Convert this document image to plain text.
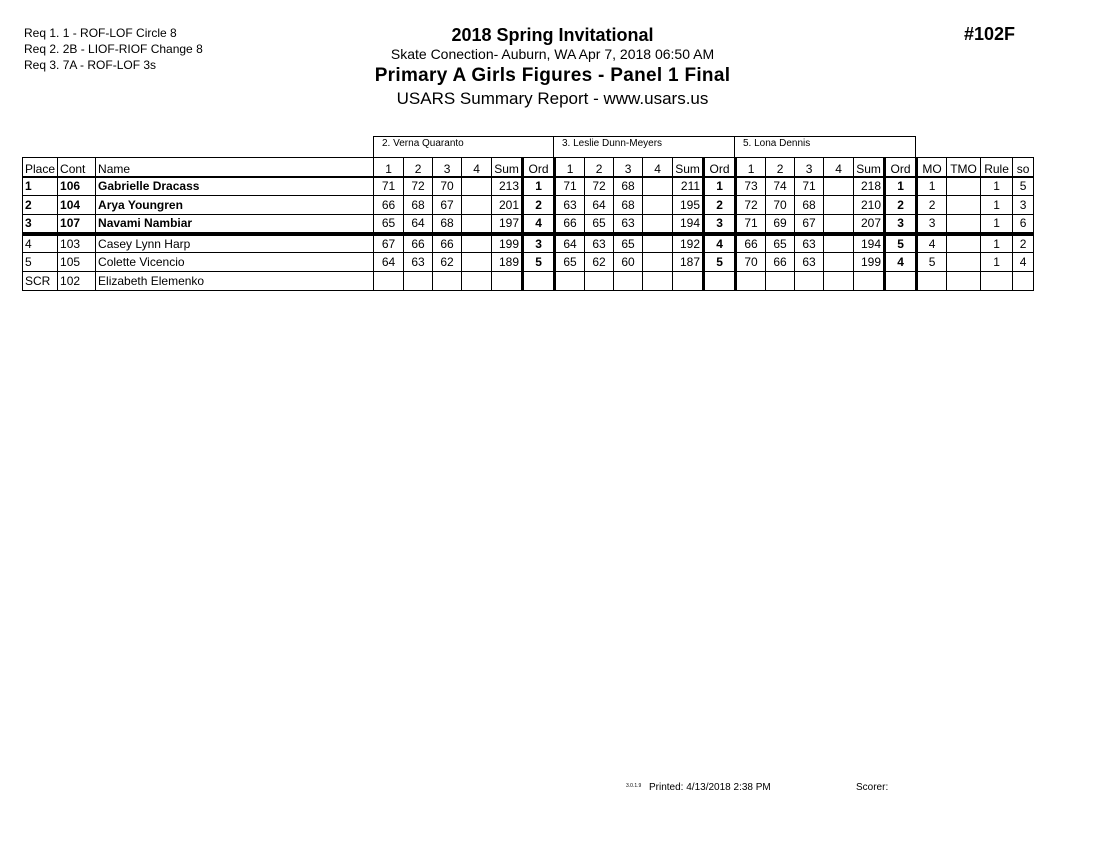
Req 1. 1 - ROF-LOF Circle 8
Req 2. 2B - LIOF-RIOF Change 8
Req 3. 7A - ROF-LOF 3s
2018 Spring Invitational
Skate Conection- Auburn, WA Apr 7, 2018 06:50 AM
Primary A Girls Figures - Panel 1 Final
USARS Summary Report - www.usars.us
#102F
2. Verna Quaranto	3. Leslie Dunn-Meyers	5. Lona Dennis
Place	Cont	Name	1	2	3	4	Sum	Ord	1	2	3	4	Sum	Ord	1	2	3	4	Sum	Ord	MO	TMO	Rule	so
1	106	Gabrielle Dracass	71	72	70		213	1	71	72	68		211	1	73	74	71		218	1	1		1	5
2	104	Arya Youngren	66	68	67		201	2	63	64	68		195	2	72	70	68		210	2	2		1	3
3	107	Navami Nambiar	65	64	68		197	4	66	65	63		194	3	71	69	67		207	3	3		1	6
4	103	Casey Lynn Harp	67	66	66		199	3	64	63	65		192	4	66	65	63		194	5	4		1	2
5	105	Colette Vicencio	64	63	62		189	5	65	62	60		187	5	70	66	63		199	4	5		1	4
SCR	102	Elizabeth Elemenko																						
3.0.1.9 Printed: 4/13/2018 2:38 PM	Scorer:
